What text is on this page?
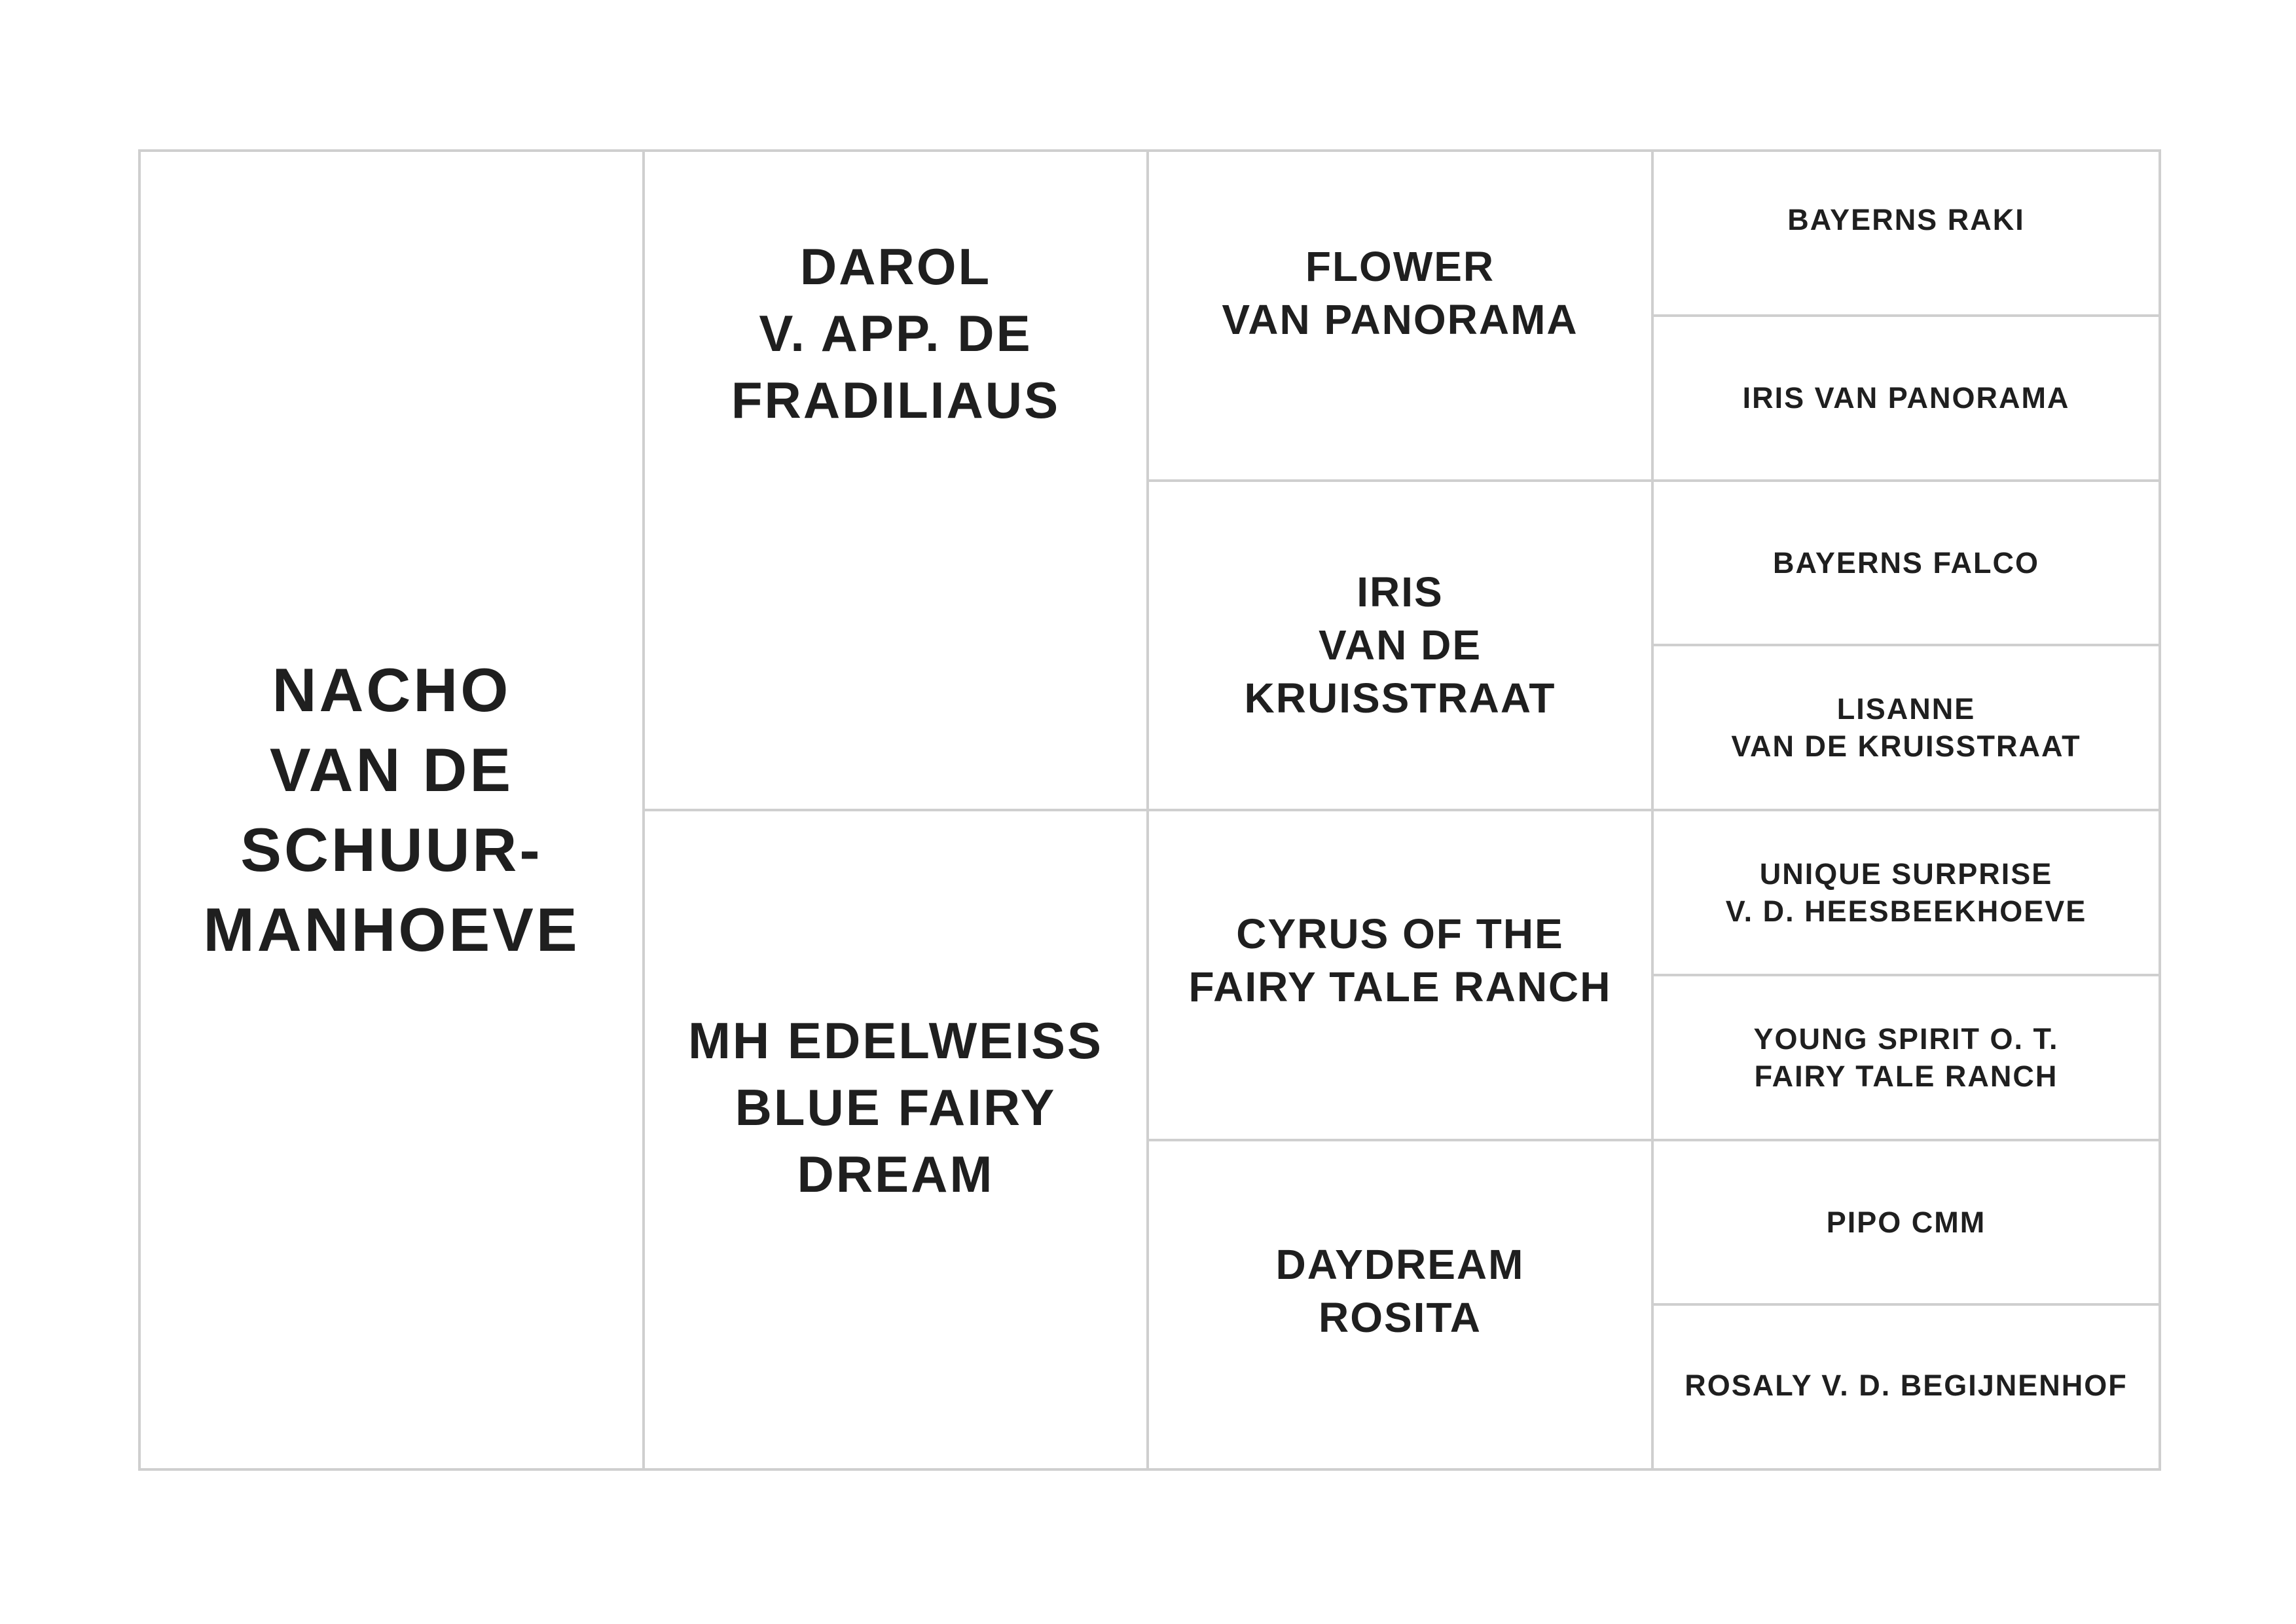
NACHO
VAN DE
SCHUUR-
MANHOEVE
DAROL
V. APP. DE
FRADILIAUS
MH EDELWEISS
BLUE FAIRY
DREAM
FLOWER
VAN PANORAMA
IRIS
VAN DE
KRUISSTRAAT
CYRUS OF THE
FAIRY TALE RANCH
DAYDREAM
ROSITA
BAYERNS RAKI
IRIS VAN PANORAMA
BAYERNS FALCO
LISANNE
VAN DE KRUISSTRAAT
UNIQUE SURPRISE
V. D. HEESBEEKHOEVE
YOUNG SPIRIT O. T.
FAIRY TALE RANCH
PIPO CMM
ROSALY V. D. BEGIJNENHOF
